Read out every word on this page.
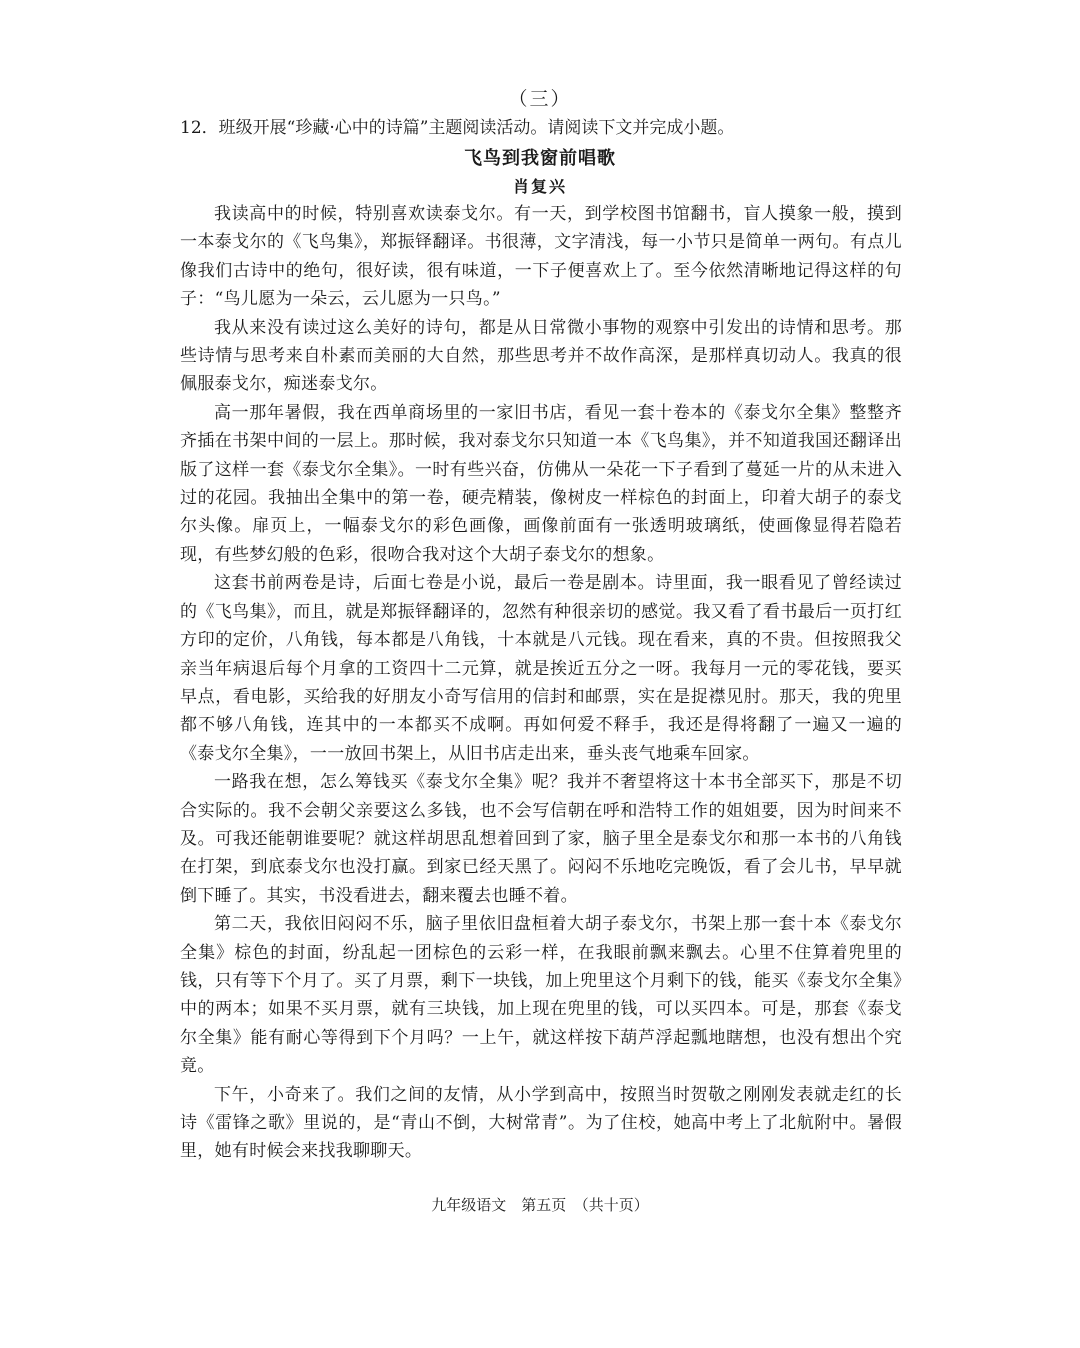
（三）
12．班级开展“珍藏·心中的诗篇”主题阅读活动。请阅读下文并完成小题。
飞鸟到我窗前唱歌
肖复兴

我读高中的时候，特别喜欢读泰戈尔。有一天，到学校图书馆翻书，盲人摸象一般，摸到一本泰戈尔的《飞鸟集》，郑振铎翻译。书很薄，文字清浅，每一小节只是简单一两句。有点儿像我们古诗中的绝句，很好读，很有味道，一下子便喜欢上了。至今依然清晰地记得这样的句子：“鸟儿愿为一朵云，云儿愿为一只鸟。”

我从来没有读过这么美好的诗句，都是从日常微小事物的观察中引发出的诗情和思考。那些诗情与思考来自朴素而美丽的大自然，那些思考并不故作高深，是那样真切动人。我真的很佩服泰戈尔，痴迷泰戈尔。

高一那年暑假，我在西单商场里的一家旧书店，看见一套十卷本的《泰戈尔全集》整整齐齐插在书架中间的一层上。那时候，我对泰戈尔只知道一本《飞鸟集》，并不知道我国还翻译出版了这样一套《泰戈尔全集》。一时有些兴奋，仿佛从一朵花一下子看到了蔓延一片的从未进入过的花园。我抽出全集中的第一卷，硬壳精装，像树皮一样棕色的封面上，印着大胡子的泰戈尔头像。扉页上，一幅泰戈尔的彩色画像，画像前面有一张透明玻璃纸，使画像显得若隐若现，有些梦幻般的色彩，很吻合我对这个大胡子泰戈尔的想象。

这套书前两卷是诗，后面七卷是小说，最后一卷是剧本。诗里面，我一眼看见了曾经读过的《飞鸟集》，而且，就是郑振铎翻译的，忽然有种很亲切的感觉。我又看了看书最后一页打红方印的定价，八角钱，每本都是八角钱，十本就是八元钱。现在看来，真的不贵。但按照我父亲当年病退后每个月拿的工资四十二元算，就是挨近五分之一呀。我每月一元的零花钱，要买早点，看电影，买给我的好朋友小奇写信用的信封和邮票，实在是捉襟见肘。那天，我的兜里都不够八角钱，连其中的一本都买不成啊。再如何爱不释手，我还是得将翻了一遍又一遍的《泰戈尔全集》，一一放回书架上，从旧书店走出来，垂头丧气地乘车回家。

一路我在想，怎么筹钱买《泰戈尔全集》呢？我并不奢望将这十本书全部买下，那是不切合实际的。我不会朝父亲要这么多钱，也不会写信朝在呼和浩特工作的姐姐要，因为时间来不及。可我还能朝谁要呢？就这样胡思乱想着回到了家，脑子里全是泰戈尔和那一本书的八角钱在打架，到底泰戈尔也没打赢。到家已经天黑了。闷闷不乐地吃完晚饭，看了会儿书，早早就倒下睡了。其实，书没看进去，翻来覆去也睡不着。

第二天，我依旧闷闷不乐，脑子里依旧盘桓着大胡子泰戈尔，书架上那一套十本《泰戈尔全集》棕色的封面，纷乱起一团棕色的云彩一样，在我眼前飘来飘去。心里不住算着兜里的钱，只有等下个月了。买了月票，剩下一块钱，加上兜里这个月剩下的钱，能买《泰戈尔全集》中的两本；如果不买月票，就有三块钱，加上现在兜里的钱，可以买四本。可是，那套《泰戈尔全集》能有耐心等得到下个月吗？一上午，就这样按下葫芦浮起瓢地瞎想，也没有想出个究竟。

下午，小奇来了。我们之间的友情，从小学到高中，按照当时贺敬之刚刚发表就走红的长诗《雷锋之歌》里说的，是“青山不倒，大树常青”。为了住校，她高中考上了北航附中。暑假里，她有时候会来找我聊聊天。

九年级语文　第五页　（共十页）
